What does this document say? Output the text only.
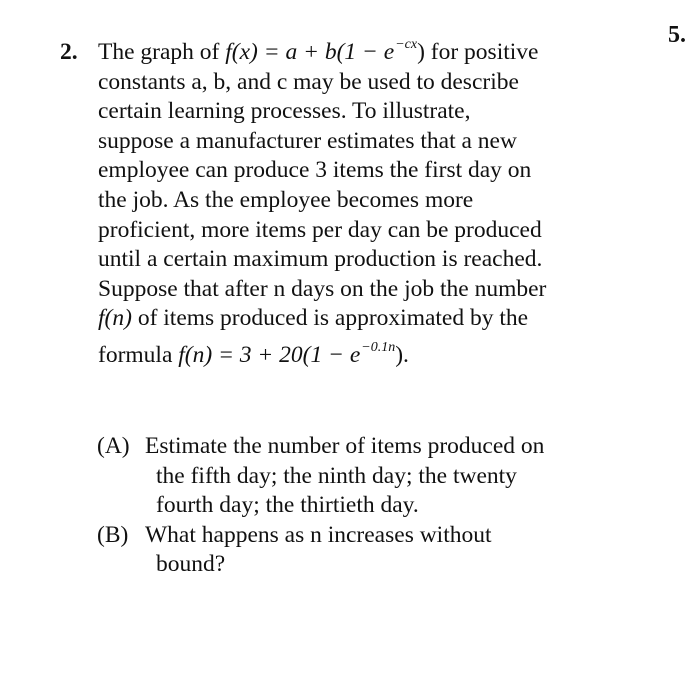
5.
2. The graph of $f(x) = a + b(1 - e^{-cx})$ for positive
constants a, b, and c may be used to describe
certain learning processes. To illustrate,
suppose a manufacturer estimates that a new
employee can produce 3 items the first day on
the job. As the employee becomes more
proficient, more items per day can be produced
until a certain maximum production is reached.
Suppose that after n days on the job the number
f(n) of items produced is approximated by the
formula $f(n) = 3 + 20(1 - e^{-0.1n})$.
(A) Estimate the number of items produced on
the fifth day; the ninth day; the twenty
fourth day; the thirtieth day.
(B) What happens as n increases without
bound?
